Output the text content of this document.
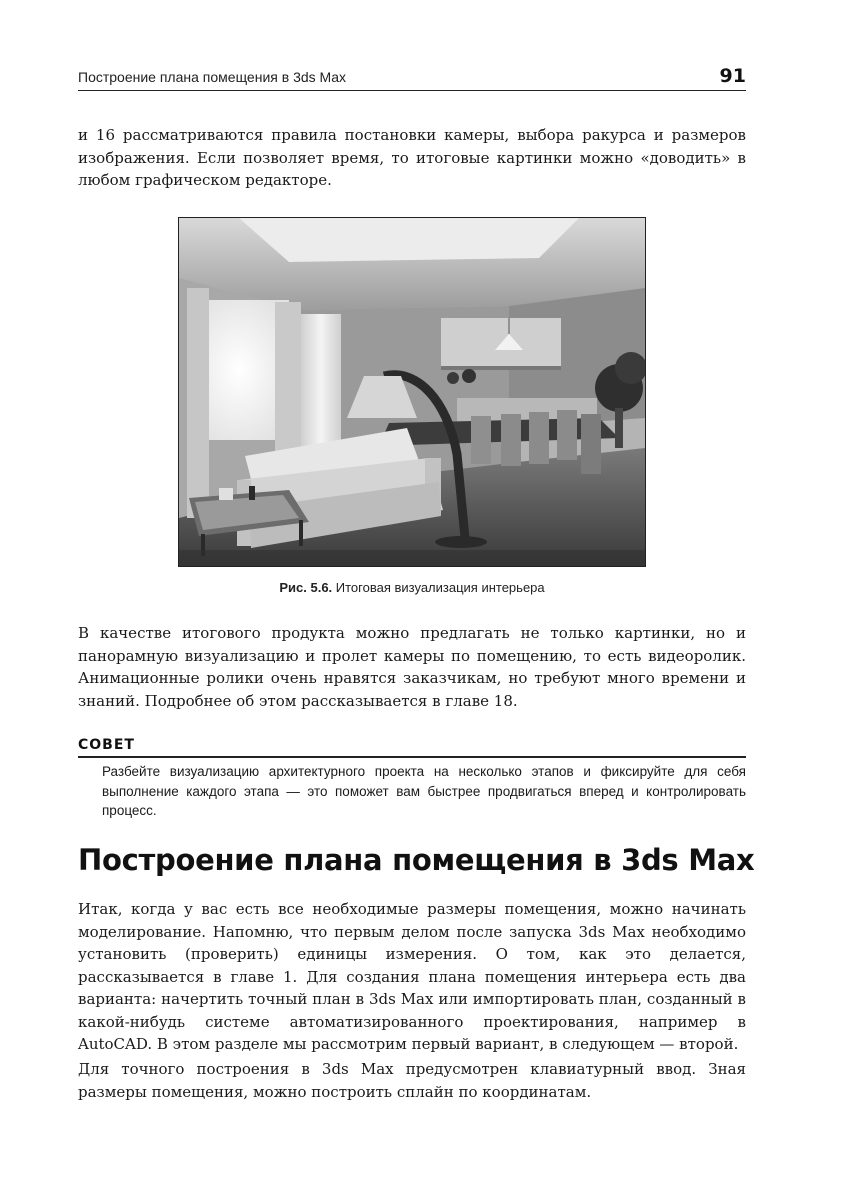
Построение плана помещения в 3ds Max	91

и 16 рассматриваются правила постановки камеры, выбора ракурса и размеров изображения. Если позволяет время, то итоговые картинки можно «доводить» в любом графическом редакторе.

Рис. 5.6. Итоговая визуализация интерьера

В качестве итогового продукта можно предлагать не только картинки, но и панорамную визуализацию и пролет камеры по помещению, то есть видеоролик. Анимационные ролики очень нравятся заказчикам, но требуют много времени и знаний. Подробнее об этом рассказывается в главе 18.

СОВЕТ

Разбейте визуализацию архитектурного проекта на несколько этапов и фиксируйте для себя выполнение каждого этапа — это поможет вам быстрее продвигаться вперед и контролировать процесс.

Построение плана помещения в 3ds Max

Итак, когда у вас есть все необходимые размеры помещения, можно начинать моделирование. Напомню, что первым делом после запуска 3ds Max необходимо установить (проверить) единицы измерения. О том, как это делается, рассказывается в главе 1. Для создания плана помещения интерьера есть два варианта: начертить точный план в 3ds Max или импортировать план, созданный в какой-нибудь системе автоматизированного проектирования, например в AutoCAD. В этом разделе мы рассмотрим первый вариант, в следующем — второй.

Для точного построения в 3ds Max предусмотрен клавиатурный ввод. Зная размеры помещения, можно построить сплайн по координатам.
